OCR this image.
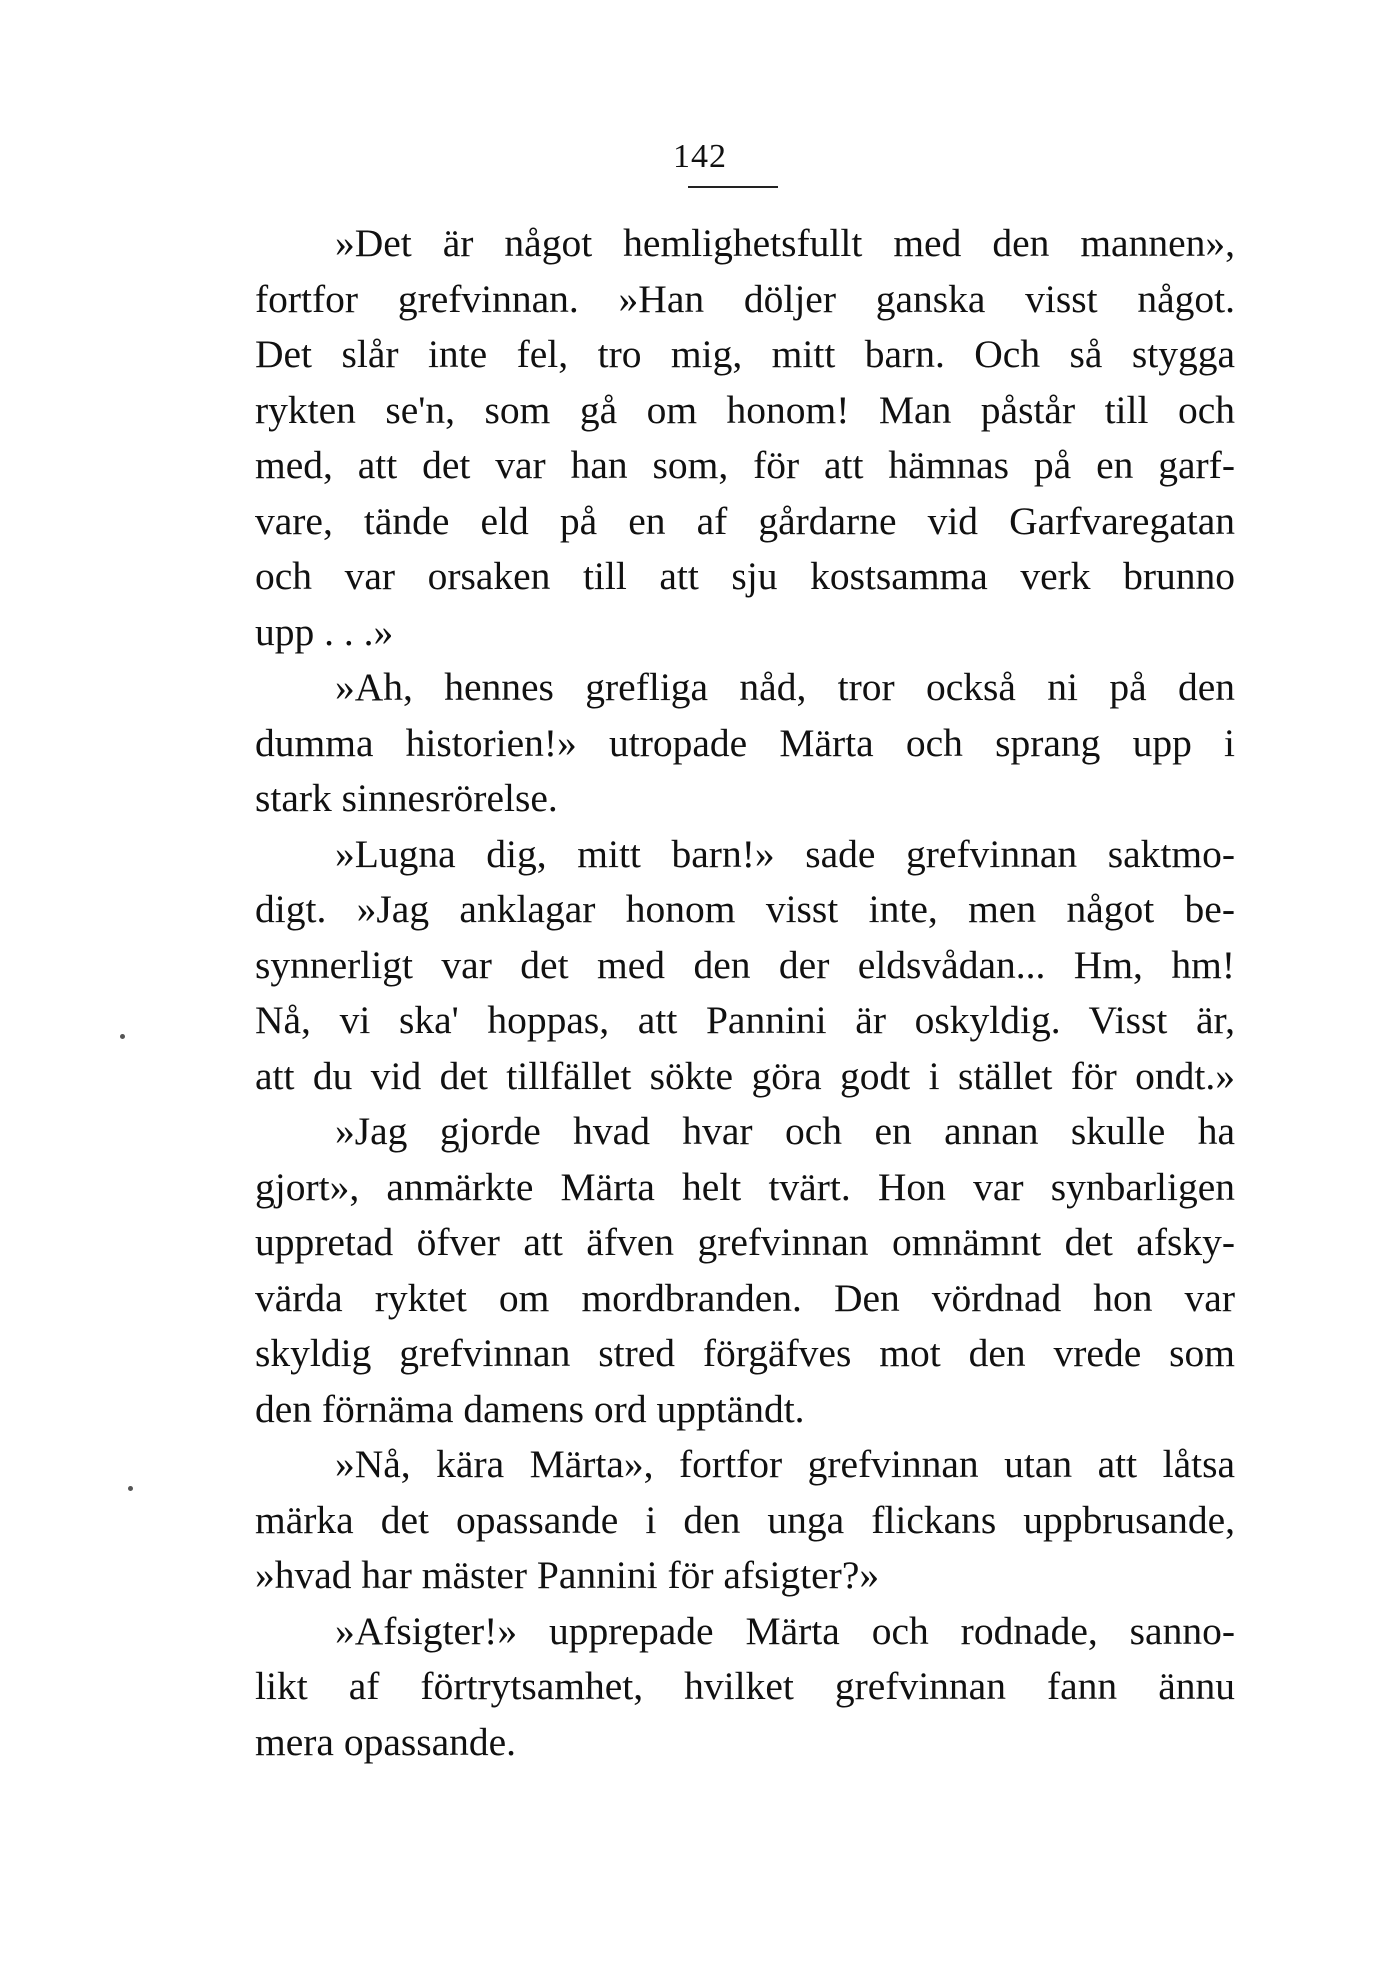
142
»Det är något hemlighetsfullt med den mannen»,
fortfor grefvinnan. »Han döljer ganska visst något.
Det slår inte fel, tro mig, mitt barn. Och så stygga
rykten se'n, som gå om honom! Man påstår till och
med, att det var han som, för att hämnas på en garf-
vare, tände eld på en af gårdarne vid Garfvaregatan
och var orsaken till att sju kostsamma verk brunno
upp . . .»
»Ah, hennes grefliga nåd, tror också ni på den
dumma historien!» utropade Märta och sprang upp i
stark sinnesrörelse.
»Lugna dig, mitt barn!» sade grefvinnan saktmo-
digt. »Jag anklagar honom visst inte, men något be-
synnerligt var det med den der eldsvådan... Hm, hm!
Nå, vi ska' hoppas, att Pannini är oskyldig. Visst är,
att du vid det tillfället sökte göra godt i stället för ondt.»
»Jag gjorde hvad hvar och en annan skulle ha
gjort», anmärkte Märta helt tvärt. Hon var synbarligen
uppretad öfver att äfven grefvinnan omnämnt det afsky-
värda ryktet om mordbranden. Den vördnad hon var
skyldig grefvinnan stred förgäfves mot den vrede som
den förnäma damens ord upptändt.
»Nå, kära Märta», fortfor grefvinnan utan att låtsa
märka det opassande i den unga flickans uppbrusande,
»hvad har mäster Pannini för afsigter?»
»Afsigter!» upprepade Märta och rodnade, sanno-
likt af förtrytsamhet, hvilket grefvinnan fann ännu
mera opassande.
